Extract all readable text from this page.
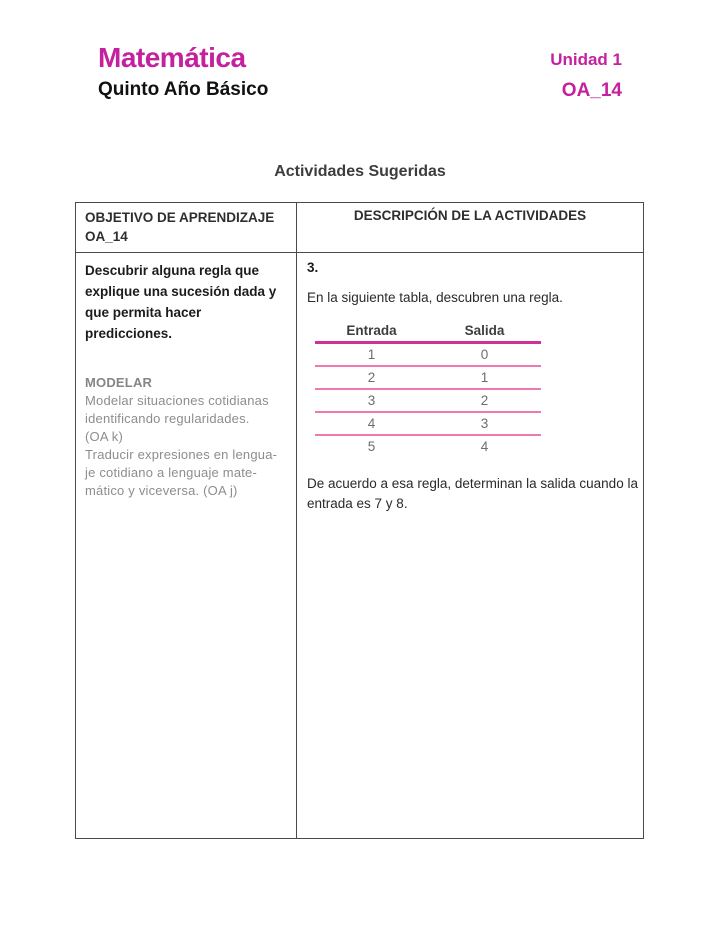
Matemática
Quinto Año Básico
Unidad 1
OA_14
Actividades Sugeridas
OBJETIVO DE APRENDIZAJE
OA_14
DESCRIPCIÓN DE LA ACTIVIDADES
Descubrir alguna regla que
explique una sucesión dada y
que permita hacer
predicciones.
MODELAR
Modelar situaciones cotidianas
identificando regularidades.
(OA k)
Traducir expresiones en lengua-
je cotidiano a lenguaje mate-
mático y viceversa. (OA j)
3.
En la siguiente tabla, descubren una regla.
Entrada	Salida
1	0
2	1
3	2
4	3
5	4
De acuerdo a esa regla, determinan la salida cuando la entrada es 7 y 8.
